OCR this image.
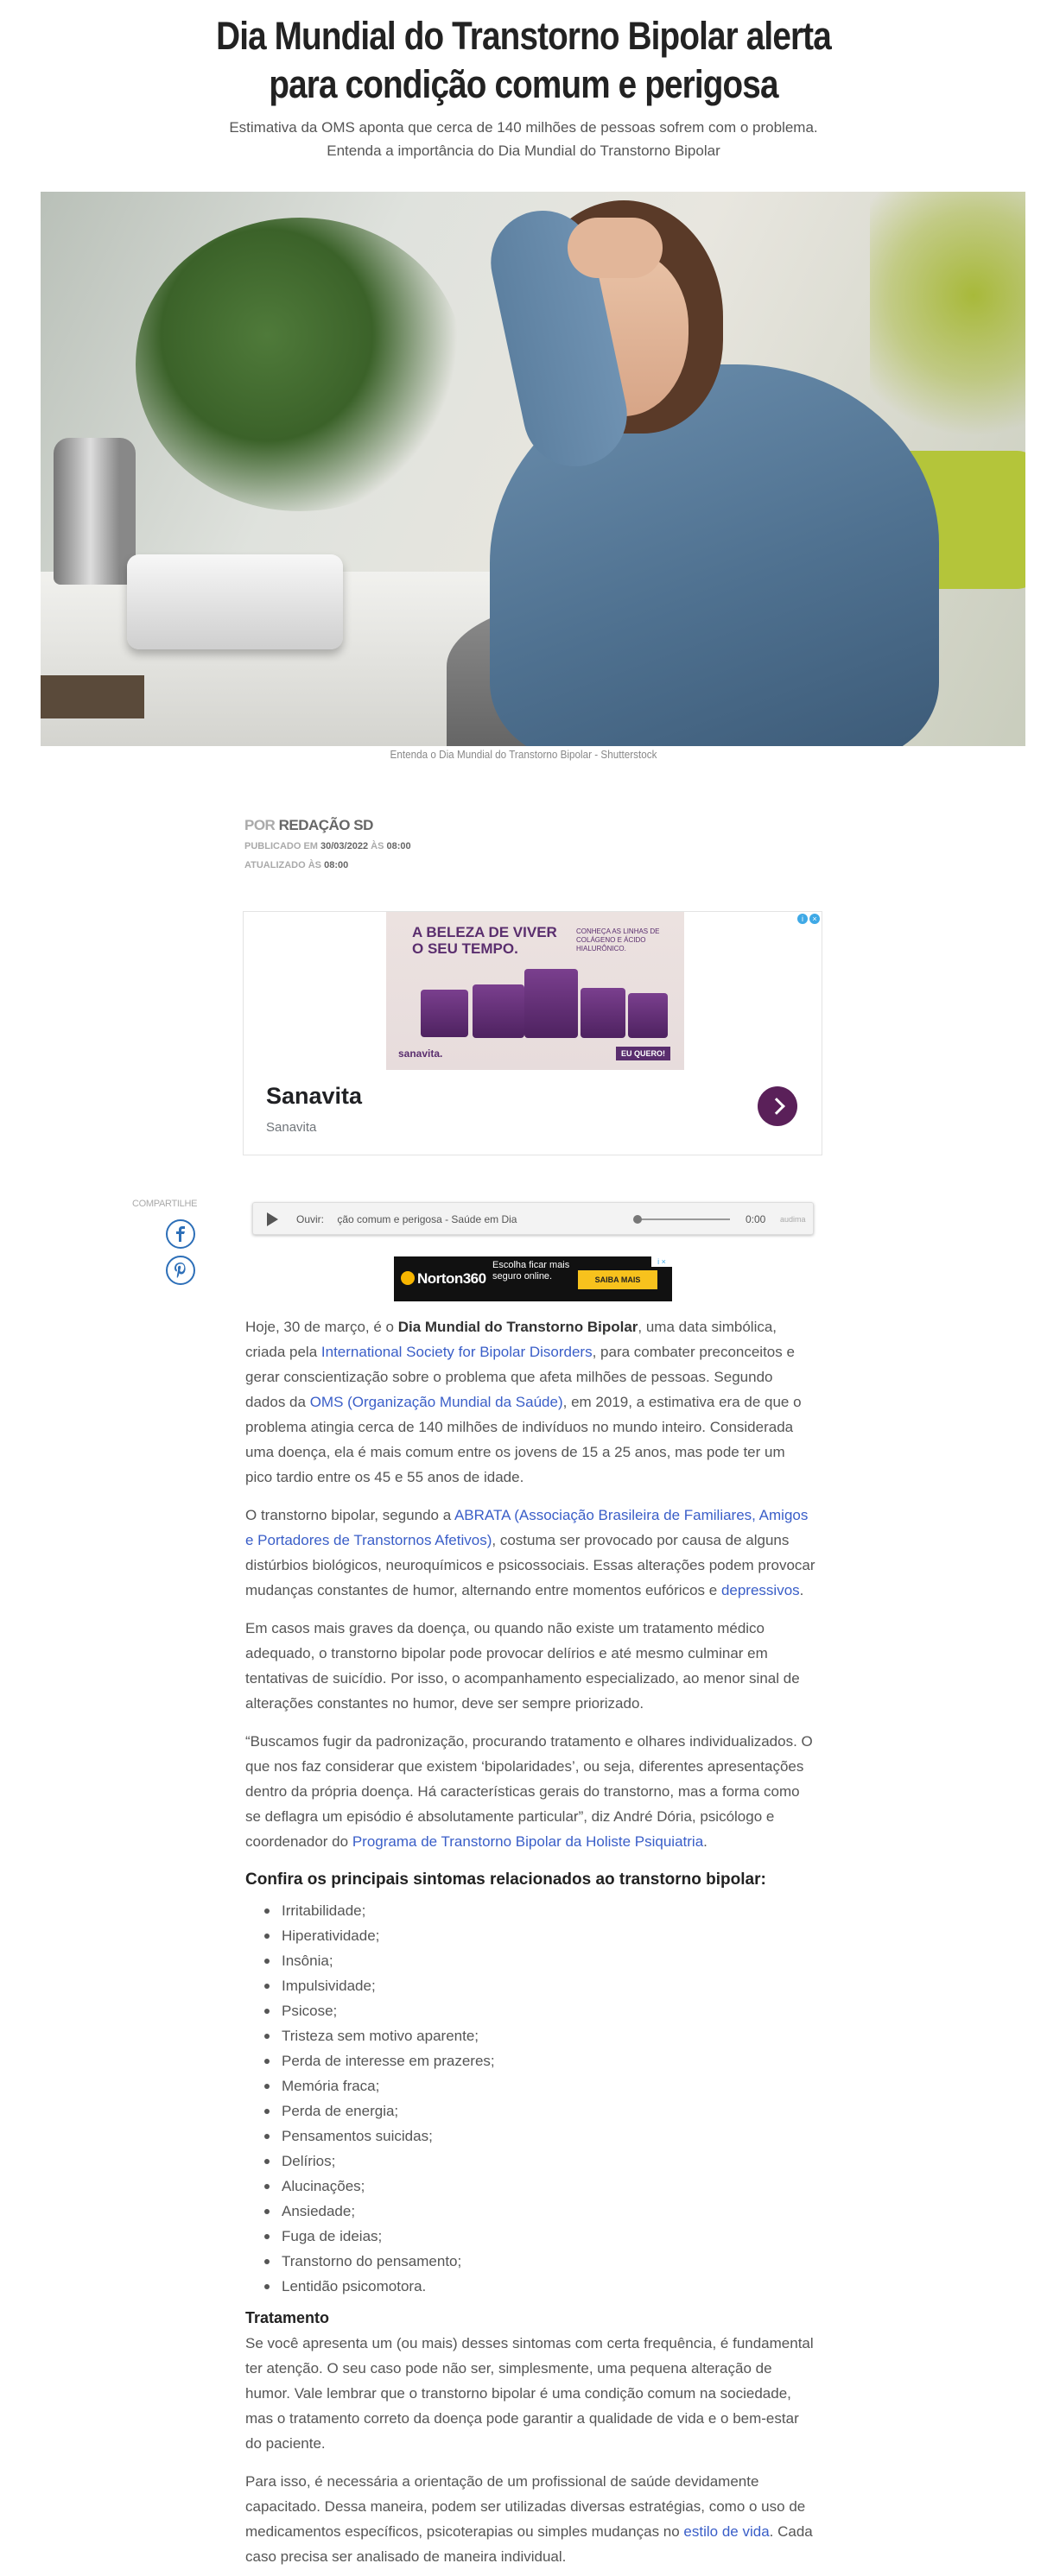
Dia Mundial do Transtorno Bipolar alerta
para condição comum e perigosa
Estimativa da OMS aponta que cerca de 140 milhões de pessoas sofrem com o problema.
Entenda a importância do Dia Mundial do Transtorno Bipolar
Entenda o Dia Mundial do Transtorno Bipolar - Shutterstock
POR REDAÇÃO SD
PUBLICADO EM 30/03/2022 ÀS 08:00
ATUALIZADO ÀS 08:00
i	×
A BELEZA DE VIVER O SEU TEMPO.
CONHEÇA AS LINHAS DE COLÁGENO E ÁCIDO HIALURÔNICO.
sanavita.	EU QUERO!
Sanavita
Sanavita
COMPARTILHE
Ouvir: ção comum e perigosa - Saúde em Dia	0:00 audima
Norton360
Escolha ficar mais seguro online.	SAIBA MAIS
i ×

Hoje, 30 de março, é o Dia Mundial do Transtorno Bipolar, uma data simbólica, criada pela International Society for Bipolar Disorders, para combater preconceitos e gerar conscientização sobre o problema que afeta milhões de pessoas. Segundo dados da OMS (Organização Mundial da Saúde), em 2019, a estimativa era de que o problema atingia cerca de 140 milhões de indivíduos no mundo inteiro. Considerada uma doença, ela é mais comum entre os jovens de 15 a 25 anos, mas pode ter um pico tardio entre os 45 e 55 anos de idade.

O transtorno bipolar, segundo a ABRATA (Associação Brasileira de Familiares, Amigos e Portadores de Transtornos Afetivos), costuma ser provocado por causa de alguns distúrbios biológicos, neuroquímicos e psicossociais. Essas alterações podem provocar mudanças constantes de humor, alternando entre momentos eufóricos e depressivos.

Em casos mais graves da doença, ou quando não existe um tratamento médico adequado, o transtorno bipolar pode provocar delírios e até mesmo culminar em tentativas de suicídio. Por isso, o acompanhamento especializado, ao menor sinal de alterações constantes no humor, deve ser sempre priorizado.

“Buscamos fugir da padronização, procurando tratamento e olhares individualizados. O que nos faz considerar que existem ‘bipolaridades’, ou seja, diferentes apresentações dentro da própria doença. Há características gerais do transtorno, mas a forma como se deflagra um episódio é absolutamente particular”, diz André Dória, psicólogo e coordenador do Programa de Transtorno Bipolar da Holiste Psiquiatria.

Confira os principais sintomas relacionados ao transtorno bipolar:
Irritabilidade;
Hiperatividade;
Insônia;
Impulsividade;
Psicose;
Tristeza sem motivo aparente;
Perda de interesse em prazeres;
Memória fraca;
Perda de energia;
Pensamentos suicidas;
Delírios;
Alucinações;
Ansiedade;
Fuga de ideias;
Transtorno do pensamento;
Lentidão psicomotora.
Tratamento

Se você apresenta um (ou mais) desses sintomas com certa frequência, é fundamental ter atenção. O seu caso pode não ser, simplesmente, uma pequena alteração de humor. Vale lembrar que o transtorno bipolar é uma condição comum na sociedade, mas o tratamento correto da doença pode garantir a qualidade de vida e o bem-estar do paciente.

Para isso, é necessária a orientação de um profissional de saúde devidamente capacitado. Dessa maneira, podem ser utilizadas diversas estratégias, como o uso de medicamentos específicos, psicoterapias ou simples mudanças no estilo de vida. Cada caso precisa ser analisado de maneira individual.
